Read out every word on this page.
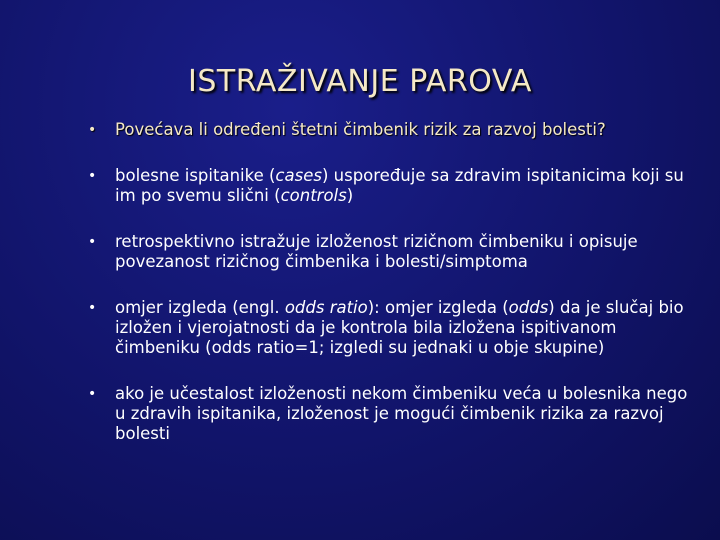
ISTRAŽIVANJE PAROVA
• Povećava li određeni štetni čimbenik rizik za razvoj bolesti?
• bolesne ispitanike (cases) uspoređuje sa zdravim ispitanicima koji su im po svemu slični (controls)
• retrospektivno istražuje izloženost rizičnom čimbeniku i opisuje povezanost rizičnog čimbenika i bolesti/simptoma
• omjer izgleda (engl. odds ratio): omjer izgleda (odds) da je slučaj bio izložen i vjerojatnosti da je kontrola bila izložena ispitivanom čimbeniku (odds ratio=1; izgledi su jednaki u obje skupine)
• ako je učestalost izloženosti nekom čimbeniku veća u bolesnika nego u zdravih ispitanika, izloženost je mogući čimbenik rizika za razvoj bolesti
